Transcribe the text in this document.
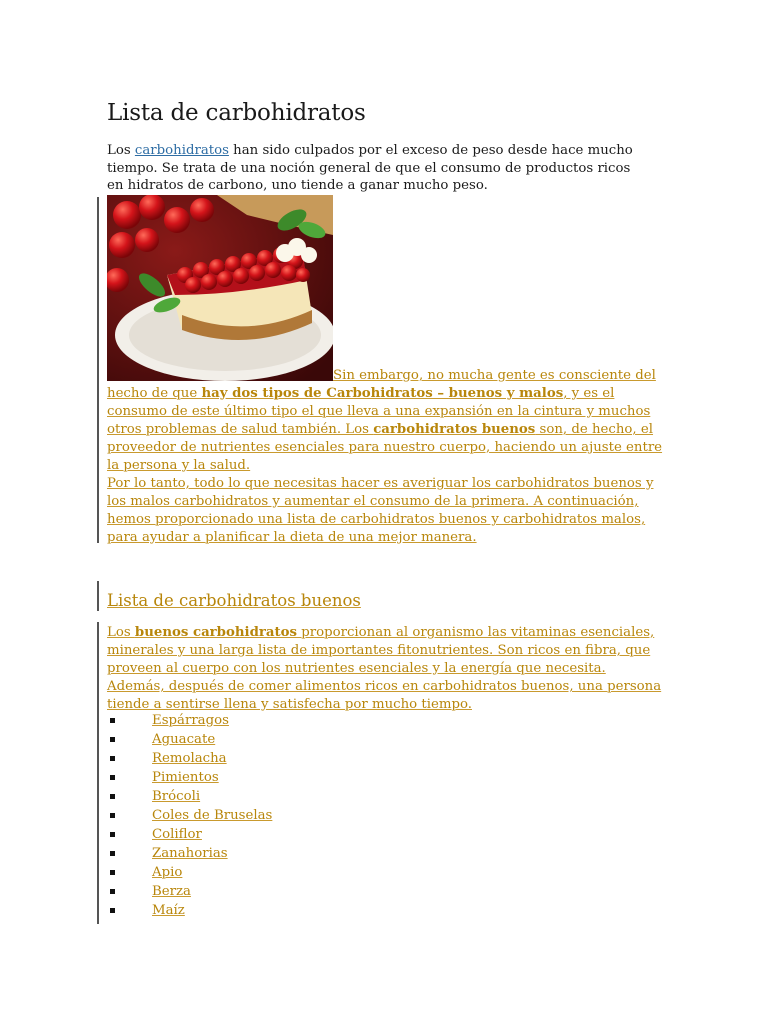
Lista de carbohidratos

Los carbohidratos han sido culpados por el exceso de peso desde hace mucho tiempo. Se trata de una noción general de que el consumo de productos ricos en hidratos de carbono, uno tiende a ganar mucho peso.

Sin embargo, no mucha gente es consciente del hecho de que hay dos tipos de Carbohidratos – buenos y malos, y es el consumo de este último tipo el que lleva a una expansión en la cintura y muchos otros problemas de salud también. Los carbohidratos buenos son, de hecho, el proveedor de nutrientes esenciales para nuestro cuerpo, haciendo un ajuste entre la persona y la salud.
Por lo tanto, todo lo que necesitas hacer es averiguar los carbohidratos buenos y los malos carbohidratos y aumentar el consumo de la primera. A continuación, hemos proporcionado una lista de carbohidratos buenos y carbohidratos malos, para ayudar a planificar la dieta de una mejor manera.

Lista de carbohidratos buenos

Los buenos carbohidratos proporcionan al organismo las vitaminas esenciales, minerales y una larga lista de importantes fitonutrientes. Son ricos en fibra, que proveen al cuerpo con los nutrientes esenciales y la energía que necesita. Además, después de comer alimentos ricos en carbohidratos buenos, una persona tiende a sentirse llena y satisfecha por mucho tiempo.

Espárragos
Aguacate
Remolacha
Pimientos
Brócoli
Coles de Bruselas
Coliflor
Zanahorias
Apio
Berza
Maíz
